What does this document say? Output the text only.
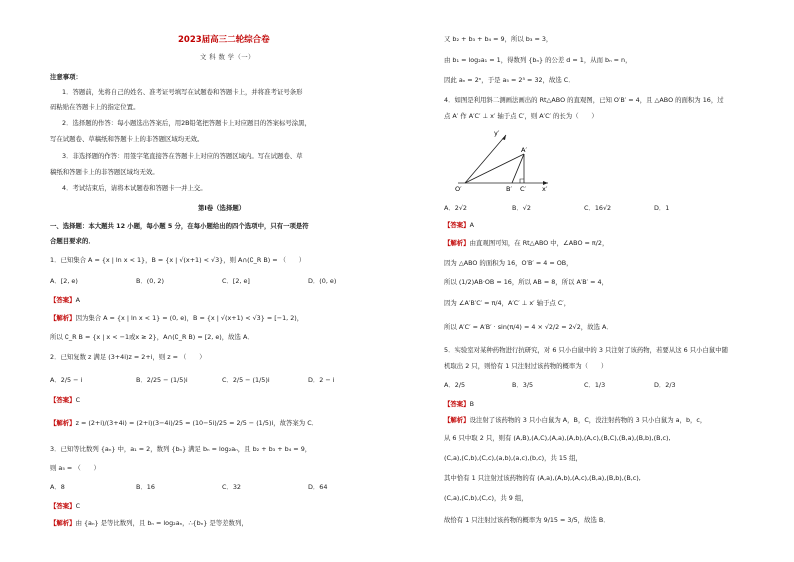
2023届高三二轮综合卷
文 科 数 学（一）
注意事项：
1．答题前，先将自己的姓名、准考证号填写在试题卷和答题卡上，并将准考证号条形
码粘贴在答题卡上的指定位置。
2．选择题的作答：每小题选出答案后，用2B铅笔把答题卡上对应题目的答案标号涂黑，
写在试题卷、草稿纸和答题卡上的非答题区域均无效。
3．非选择题的作答：用签字笔直接答在答题卡上对应的答题区域内。写在试题卷、草
稿纸和答题卡上的非答题区域均无效。
4．考试结束后，请将本试题卷和答题卡一并上交。
第Ⅰ卷（选择题）
一、选择题：本大题共 12 小题，每小题 5 分，在每小题给出的四个选项中，只有一项是符
合题目要求的．
1．已知集合 A = {x | ln x < 1}，B = {x | √(x+1) < √3}，则 A∩(∁_R B) = （　　）
A．[2, e)	B．(0, 2)	C．[2, e]	D．(0, e)
【答案】A
【解析】因为集合 A = {x | ln x < 1} = (0, e)，B = {x | √(x+1) < √3} = [−1, 2)，
所以 ∁_R B = {x | x < −1或x ≥ 2}，A∩(∁_R B) = [2, e)，故选 A．
2．已知复数 z 满足 (3+4i)z = 2+i，则 z = （　　）
A．2/5 − i	B．2/25 − (1/5)i	C．2/5 − (1/5)i	D．2 − i
【答案】C
【解析】z = (2+i)/(3+4i) = (2+i)(3−4i)/25 = (10−5i)/25 = 2/5 − (1/5)i，故答案为 C．
3．已知等比数列 {aₙ} 中，a₁ = 2，数列 {bₙ} 满足 bₙ = log₂aₙ，且 b₂ + b₃ + b₄ = 9，
则 a₅ = （　　）
A．8	B．16	C．32	D．64
【答案】C
【解析】由 {aₙ} 是等比数列，且 bₙ = log₂aₙ，∴{bₙ} 是等差数列，
又 b₂ + b₃ + b₄ = 9，所以 b₃ = 3，
由 b₁ = log₂a₁ = 1，得数列 {bₙ} 的公差 d = 1，从而 bₙ = n，
因此 aₙ = 2ⁿ，于是 a₅ = 2⁵ = 32，故选 C．
4．如图是利用斜二测画法画出的 Rt△ABO 的直观图，已知 O′B′ = 4，且 △ABO 的面积为 16，过
点 A′ 作 A′C′ ⊥ x′ 轴于点 C′，则 A′C′ 的长为（　　）
y′
A′
O′	B′ C′ x′
A．2√2	B．√2	C．16√2	D．1
【答案】A
【解析】由直观图可知，在 Rt△ABO 中，∠ABO = π/2，
因为 △ABO 的面积为 16，O′B′ = 4 = OB，
所以 (1/2)AB·OB = 16，所以 AB = 8，所以 A′B′ = 4，
因为 ∠A′B′C′ = π/4，A′C′ ⊥ x′ 轴于点 C′，
所以 A′C′ = A′B′ · sin(π/4) = 4 × √2/2 = 2√2，故选 A．
5．实验室对某种药物进行抗研究，对 6 只小白鼠中的 3 只注射了该药物，若要从这 6 只小白鼠中随
机取出 2 只，则恰有 1 只注射过该药物的概率为（　　）
A．2/5	B．3/5	C．1/3	D．2/3
【答案】B
【解析】设注射了该药物的 3 只小白鼠为 A，B，C，没注射药物的 3 只小白鼠为 a，b，c，
从 6 只中取 2 只，则有 (A,B),(A,C),(A,a),(A,b),(A,c),(B,C),(B,a),(B,b),(B,c),
(C,a),(C,b),(C,c),(a,b),(a,c),(b,c)，共 15 组，
其中恰有 1 只注射过该药物的有 (A,a),(A,b),(A,c),(B,a),(B,b),(B,c),
(C,a),(C,b),(C,c)，共 9 组，
故恰有 1 只注射过该药物的概率为 9/15 = 3/5，故选 B．
